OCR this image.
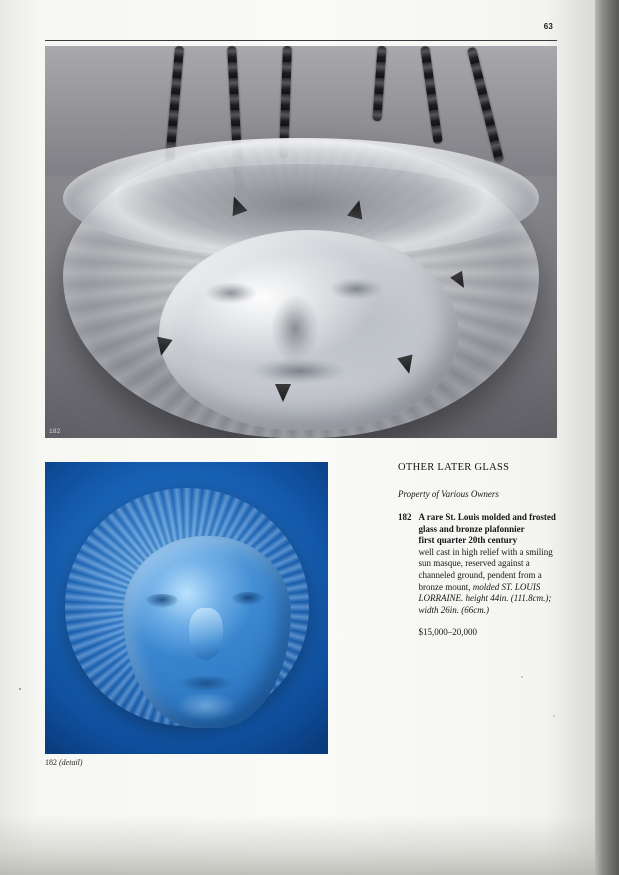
63
182
182 (detail)
OTHER LATER GLASS
Property of Various Owners
182 A rare St. Louis molded and frosted glass and bronze plafonnier
first quarter 20th century
well cast in high relief with a smiling sun masque, reserved against a channeled ground, pendent from a bronze mount, molded ST. LOUIS LORRAINE. height 44in. (111.8cm.); width 26in. (66cm.)
$15,000–20,000
